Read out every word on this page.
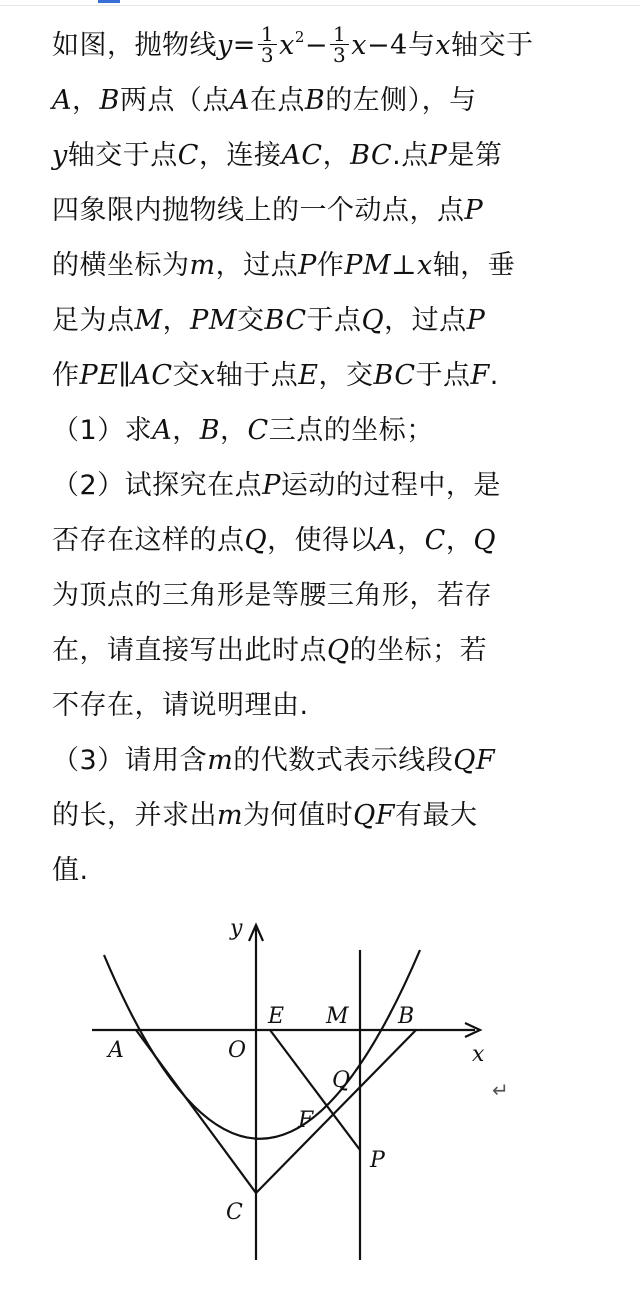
如图，抛物线$y= \frac{1}{3} x^2- \frac{1}{3} x-4$与x轴交于
A，B两点（点A在点B的左侧），与
y轴交于点C，连接AC，BC.点P是第
四象限内抛物线上的一个动点，点P
的横坐标为m，过点P作PM⊥x轴，垂
足为点M，PM交BC于点Q，过点P
作PE∥AC交x轴于点E，交BC于点F.
（1）求A，B，C三点的坐标；
（2）试探究在点P运动的过程中，是
否存在这样的点Q，使得以A，C，Q
为顶点的三角形是等腰三角形，若存
在，请直接写出此时点Q的坐标；若
不存在，请说明理由.
（3）请用含m的代数式表示线段QF
的长，并求出m为何值时QF有最大
值.
y
x
O
A
B
C
E M
Q
F
P
↵
